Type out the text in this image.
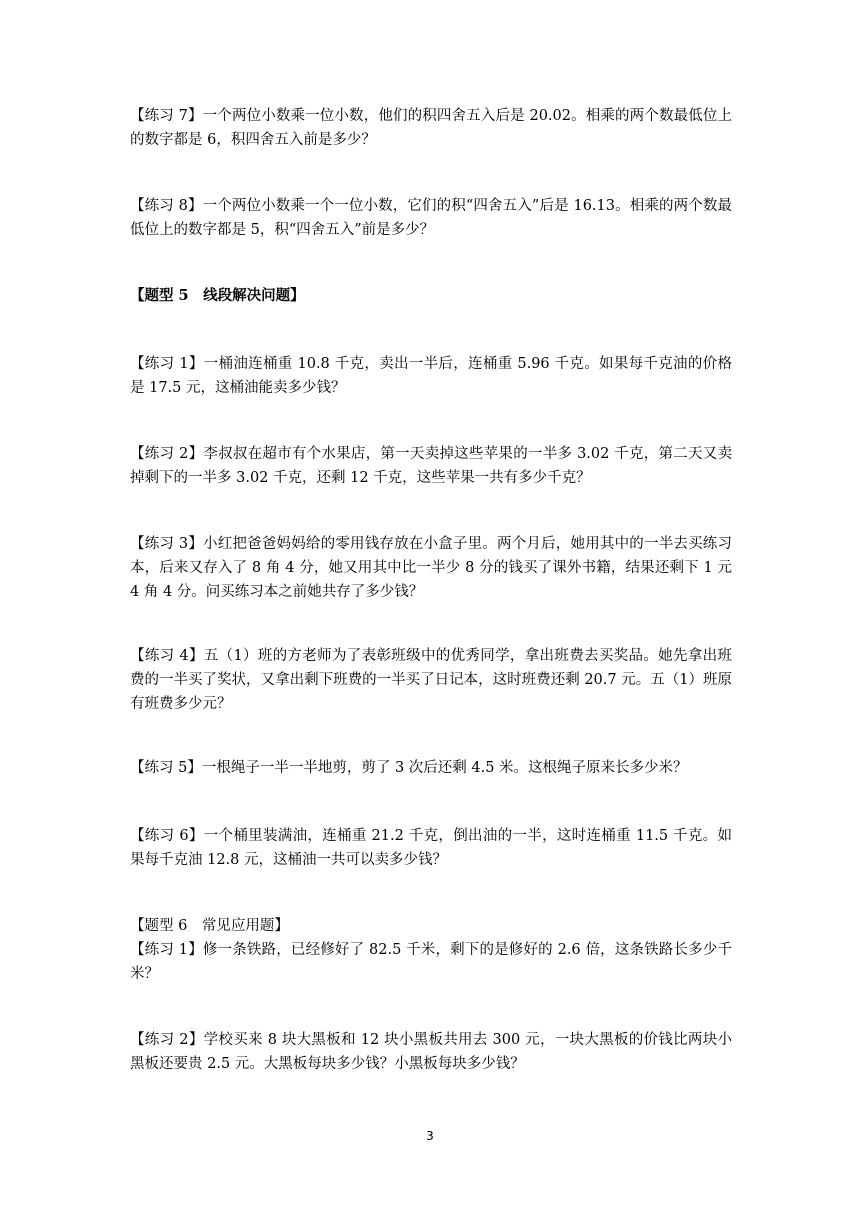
【练习 7】一个两位小数乘一位小数，他们的积四舍五入后是 20.02。相乘的两个数最低位上的数字都是 6，积四舍五入前是多少？

【练习 8】一个两位小数乘一个一位小数，它们的积“四舍五入”后是 16.13。相乘的两个数最低位上的数字都是 5，积“四舍五入”前是多少？

【题型 5　线段解决问题】

【练习 1】一桶油连桶重 10.8 千克，卖出一半后，连桶重 5.96 千克。如果每千克油的价格是 17.5 元，这桶油能卖多少钱？

【练习 2】李叔叔在超市有个水果店，第一天卖掉这些苹果的一半多 3.02 千克，第二天又卖掉剩下的一半多 3.02 千克，还剩 12 千克，这些苹果一共有多少千克？

【练习 3】小红把爸爸妈妈给的零用钱存放在小盒子里。两个月后，她用其中的一半去买练习本，后来又存入了 8 角 4 分，她又用其中比一半少 8 分的钱买了课外书籍，结果还剩下 1 元 4 角 4 分。问买练习本之前她共存了多少钱？

【练习 4】五（1）班的方老师为了表彰班级中的优秀同学，拿出班费去买奖品。她先拿出班费的一半买了奖状，又拿出剩下班费的一半买了日记本，这时班费还剩 20.7 元。五（1）班原有班费多少元？

【练习 5】一根绳子一半一半地剪，剪了 3 次后还剩 4.5 米。这根绳子原来长多少米？

【练习 6】一个桶里装满油，连桶重 21.2 千克，倒出油的一半，这时连桶重 11.5 千克。如果每千克油 12.8 元，这桶油一共可以卖多少钱？

【题型 6　常见应用题】

【练习 1】修一条铁路，已经修好了 82.5 千米，剩下的是修好的 2.6 倍，这条铁路长多少千米？

【练习 2】学校买来 8 块大黑板和 12 块小黑板共用去 300 元，一块大黑板的价钱比两块小黑板还要贵 2.5 元。大黑板每块多少钱？小黑板每块多少钱？

3
